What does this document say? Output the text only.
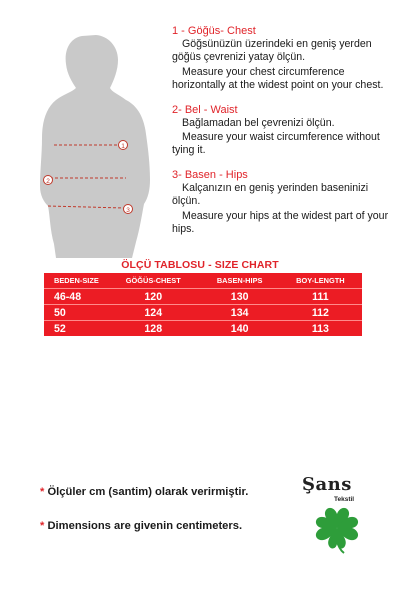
1
2
3
1 - Göğüs- Chest
Göğsünüzün üzerindeki en geniş yerden göğüs çevrenizi yatay ölçün.
Measure your chest circumference horizontally at the widest point on your chest.
2- Bel - Waist
Bağlamadan bel çevrenizi ölçün.
Measure your waist circumference without tying it.
3- Basen - Hips
Kalçanızın en geniş yerinden baseninizi ölçün.
Measure your hips at the widest part of your hips.
ÖLÇÜ TABLOSU - SIZE CHART
BEDEN-SIZE	GÖĞÜS-CHEST	BASEN-HIPS	BOY-LENGTH
46-48	120	130	111
50	124	134	112
52	128	140	113
* Ölçüler cm (santim) olarak verirmiştir.
* Dimensions are givenin centimeters.
Şans
Tekstil
